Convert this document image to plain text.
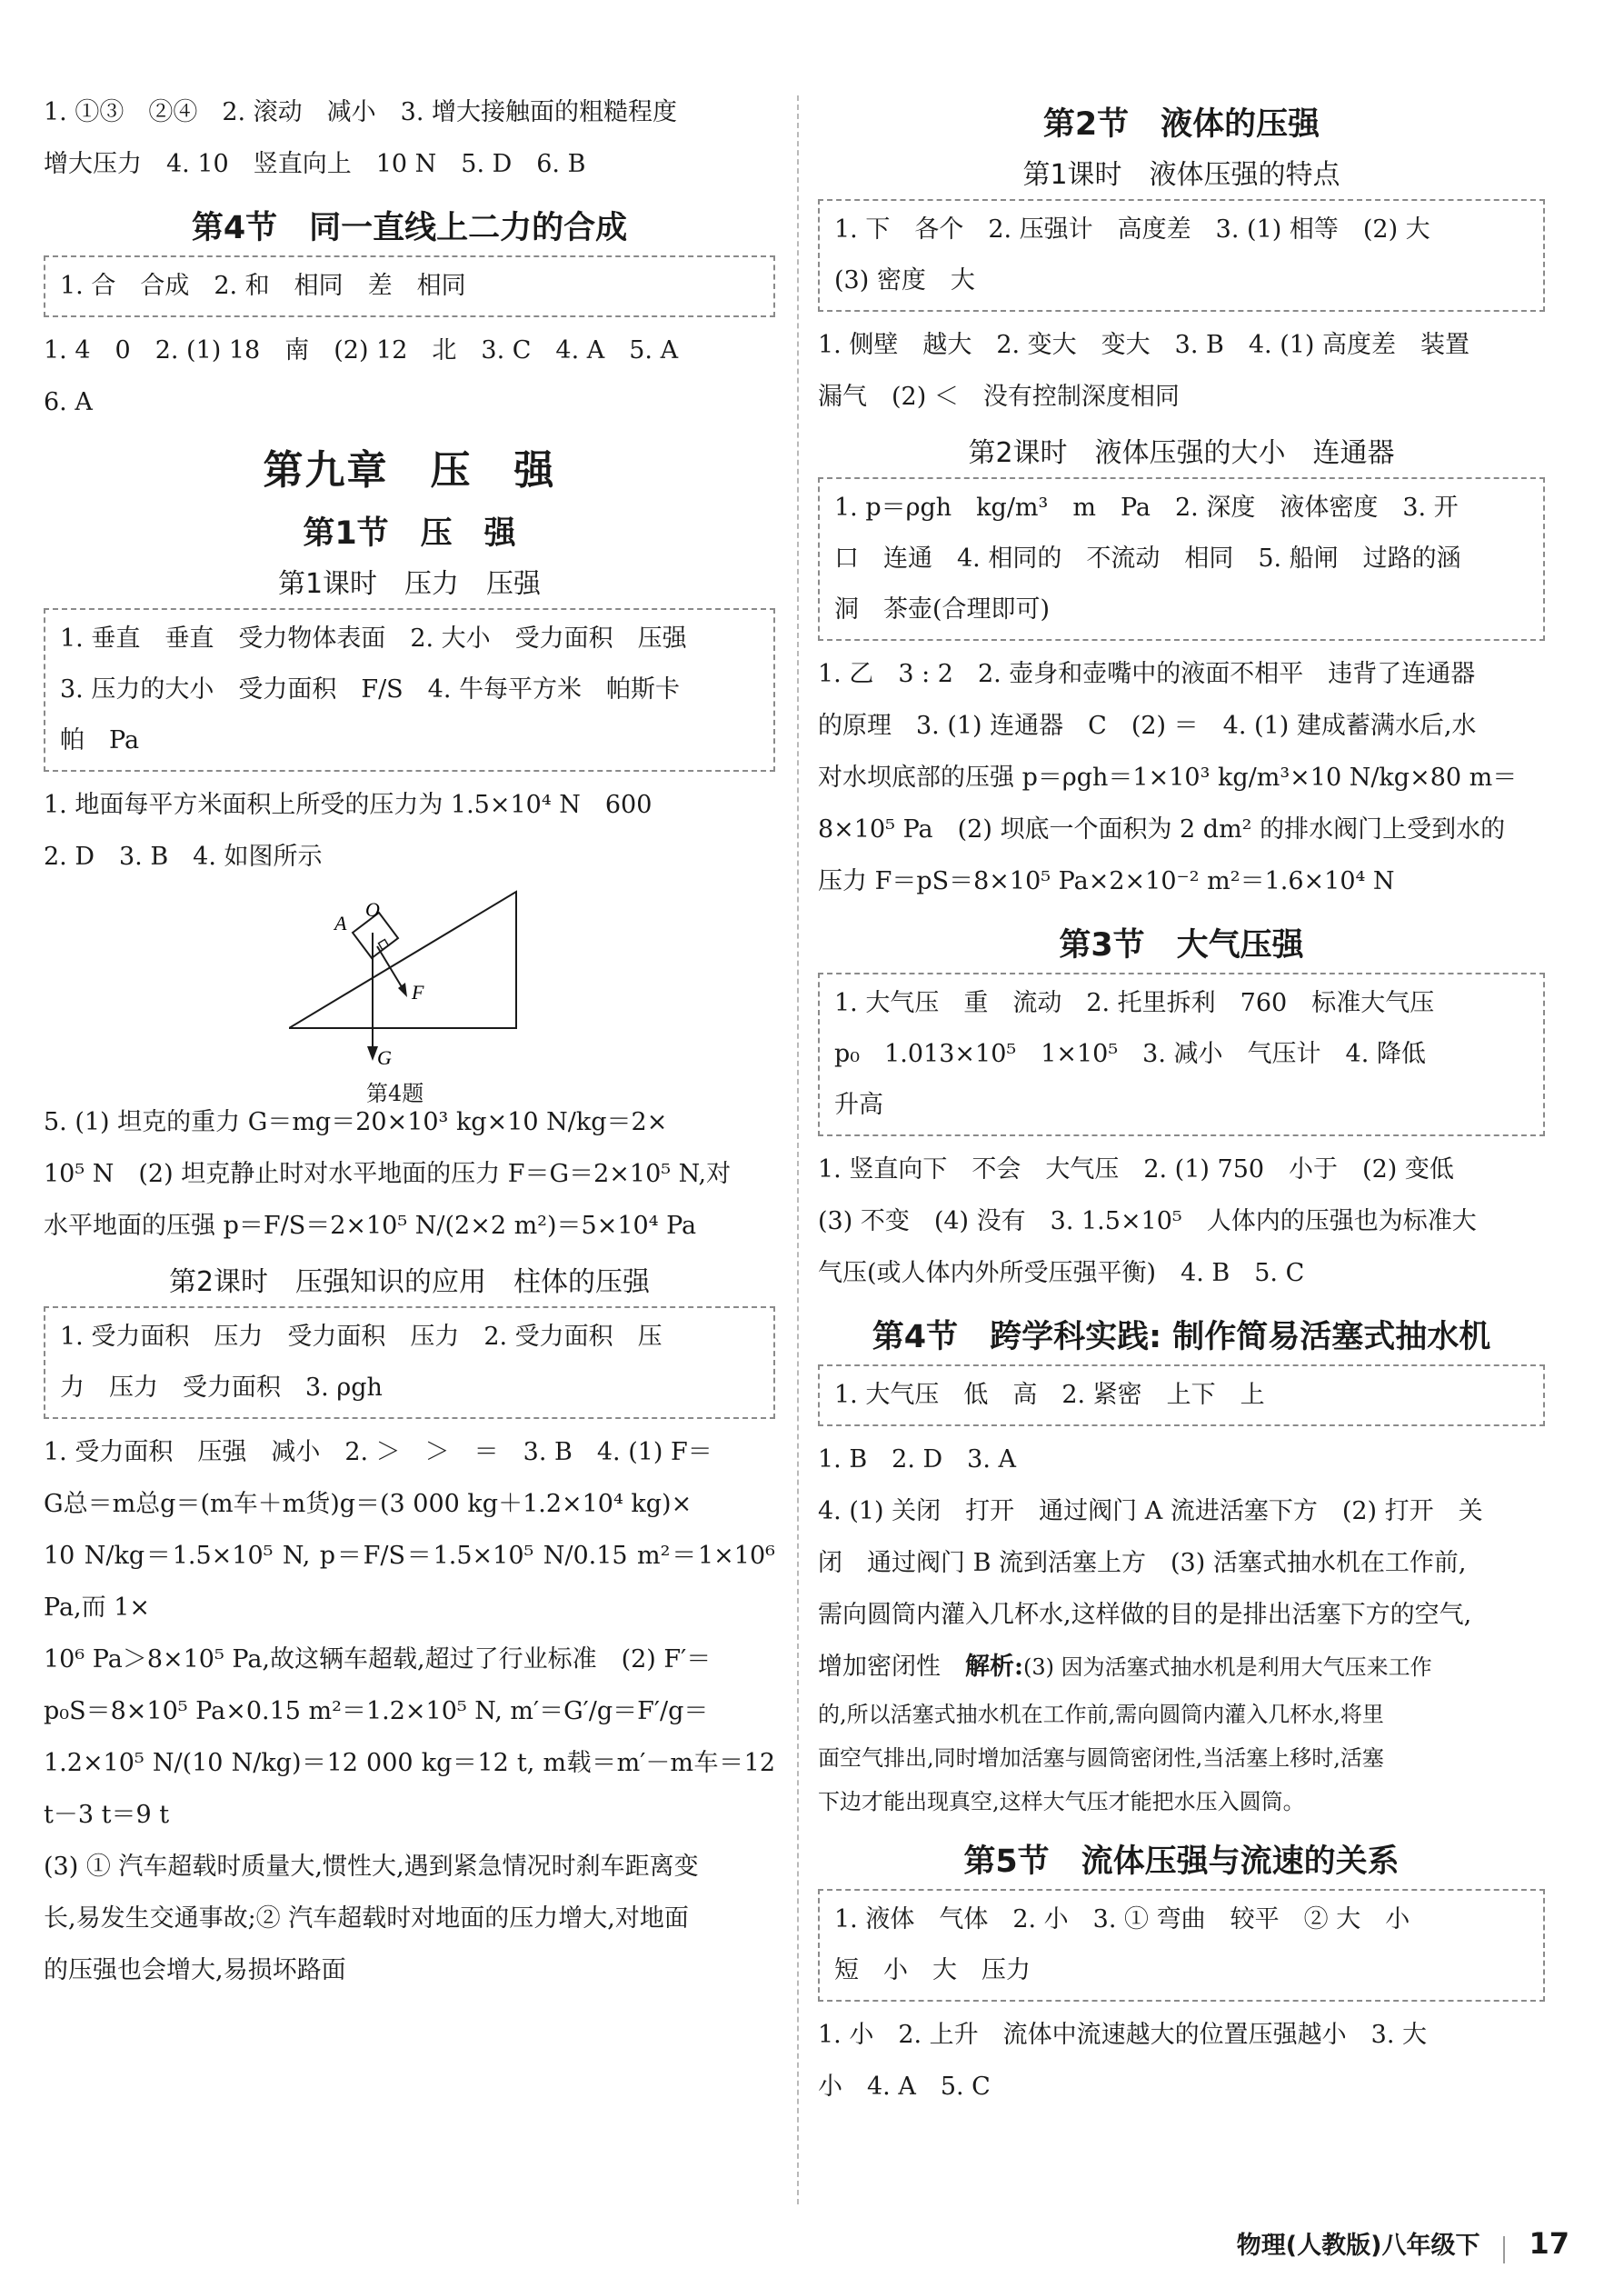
1. ①③　②④　2. 滚动　减小　3. 增大接触面的粗糙程度

增大压力　4. 10　竖直向上　10 N　5. D　6. B

第4节　同一直线上二力的合成

1. 合　合成　2. 和　相同　差　相同

1. 4　0　2. (1) 18　南　(2) 12　北　3. C　4. A　5. A

6. A

第九章　压　强
第1节　压　强
第1课时　压力　压强

1. 垂直　垂直　受力物体表面　2. 大小　受力面积　压强

3. 压力的大小　受力面积　F/S　4. 牛每平方米　帕斯卡

帕　Pa

1. 地面每平方米面积上所受的压力为 1.5×10⁴ N　600

2. D　3. B　4. 如图所示

A
O
F
G
第4题

5. (1) 坦克的重力 G＝mg＝20×10³ kg×10 N/kg＝2×

10⁵ N　(2) 坦克静止时对水平地面的压力 F＝G＝2×10⁵ N,对

水平地面的压强 p＝F/S＝2×10⁵ N/(2×2 m²)＝5×10⁴ Pa

第2课时　压强知识的应用　柱体的压强

1. 受力面积　压力　受力面积　压力　2. 受力面积　压

力　压力　受力面积　3. ρgh

1. 受力面积　压强　减小　2. ＞　＞　＝　3. B　4. (1) F＝

G总＝m总g＝(m车＋m货)g＝(3 000 kg＋1.2×10⁴ kg)×

10 N/kg＝1.5×10⁵ N, p＝F/S＝1.5×10⁵ N/0.15 m²＝1×10⁶ Pa,而 1×

10⁶ Pa＞8×10⁵ Pa,故这辆车超载,超过了行业标准　(2) F′＝

p₀S＝8×10⁵ Pa×0.15 m²＝1.2×10⁵ N, m′＝G′/g＝F′/g＝

1.2×10⁵ N/(10 N/kg)＝12 000 kg＝12 t, m载＝m′－m车＝12 t－3 t＝9 t

(3) ① 汽车超载时质量大,惯性大,遇到紧急情况时刹车距离变

长,易发生交通事故;② 汽车超载时对地面的压力增大,对地面

的压强也会增大,易损坏路面

第2节　液体的压强
第1课时　液体压强的特点

1. 下　各个　2. 压强计　高度差　3. (1) 相等　(2) 大

(3) 密度　大

1. 侧壁　越大　2. 变大　变大　3. B　4. (1) 高度差　装置

漏气　(2) ＜　没有控制深度相同

第2课时　液体压强的大小　连通器

1. p＝ρgh　kg/m³　m　Pa　2. 深度　液体密度　3. 开

口　连通　4. 相同的　不流动　相同　5. 船闸　过路的涵

洞　茶壶(合理即可)

1. 乙　3 : 2　2. 壶身和壶嘴中的液面不相平　违背了连通器

的原理　3. (1) 连通器　C　(2) ＝　4. (1) 建成蓄满水后,水

对水坝底部的压强 p＝ρgh＝1×10³ kg/m³×10 N/kg×80 m＝

8×10⁵ Pa　(2) 坝底一个面积为 2 dm² 的排水阀门上受到水的

压力 F＝pS＝8×10⁵ Pa×2×10⁻² m²＝1.6×10⁴ N

第3节　大气压强

1. 大气压　重　流动　2. 托里拆利　760　标准大气压

p₀　1.013×10⁵　1×10⁵　3. 减小　气压计　4. 降低

升高

1. 竖直向下　不会　大气压　2. (1) 750　小于　(2) 变低

(3) 不变　(4) 没有　3. 1.5×10⁵　人体内的压强也为标准大

气压(或人体内外所受压强平衡)　4. B　5. C

第4节　跨学科实践: 制作简易活塞式抽水机

1. 大气压　低　高　2. 紧密　上下　上

1. B　2. D　3. A

4. (1) 关闭　打开　通过阀门 A 流进活塞下方　(2) 打开　关

闭　通过阀门 B 流到活塞上方　(3) 活塞式抽水机在工作前,

需向圆筒内灌入几杯水,这样做的目的是排出活塞下方的空气,

增加密闭性　 解析:(3) 因为活塞式抽水机是利用大气压来工作

的,所以活塞式抽水机在工作前,需向圆筒内灌入几杯水,将里

面空气排出,同时增加活塞与圆筒密闭性,当活塞上移时,活塞

下边才能出现真空,这样大气压才能把水压入圆筒。

第5节　流体压强与流速的关系

1. 液体　气体　2. 小　3. ① 弯曲　较平　② 大　小

短　小　大　压力

1. 小　2. 上升　流体中流速越大的位置压强越小　3. 大

小　4. A　5. C

物理(人教版)八年级下 17
